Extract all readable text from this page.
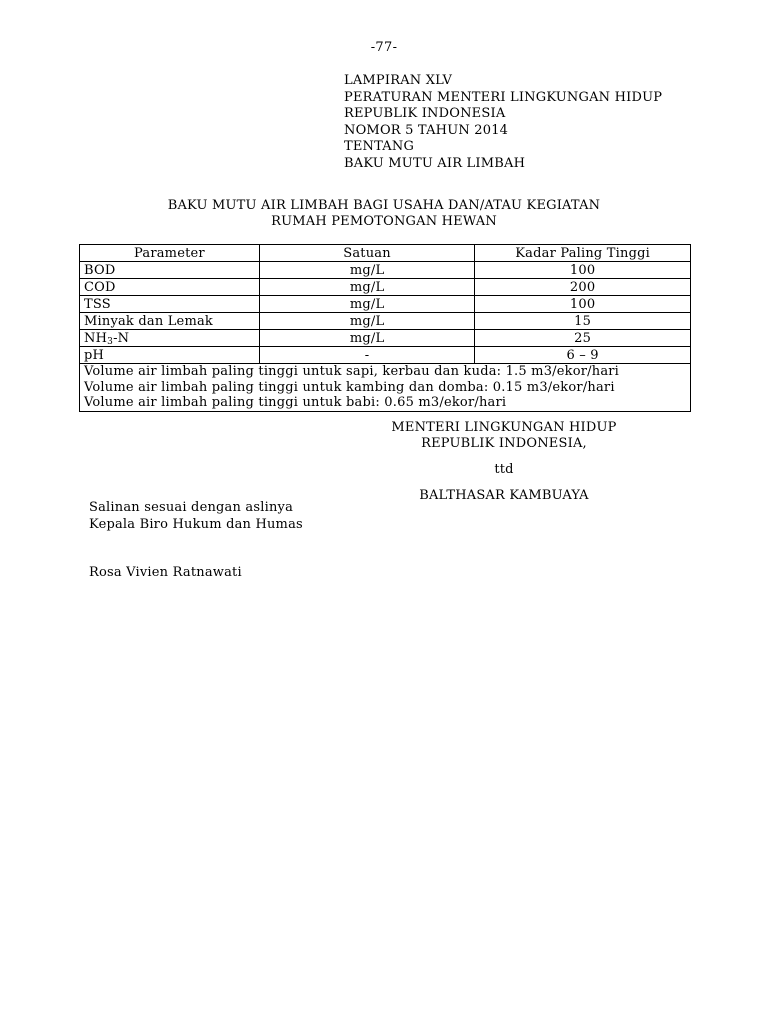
-77-
LAMPIRAN XLV
PERATURAN MENTERI LINGKUNGAN HIDUP
REPUBLIK INDONESIA
NOMOR 5 TAHUN 2014
TENTANG
BAKU MUTU AIR LIMBAH
BAKU MUTU AIR LIMBAH BAGI USAHA DAN/ATAU KEGIATAN
RUMAH PEMOTONGAN HEWAN
Parameter	Satuan	Kadar Paling Tinggi
BOD	mg/L	100
COD	mg/L	200
TSS	mg/L	100
Minyak dan Lemak	mg/L	15
$NH_3-N$	mg/L	25
pH	-	6 – 9

Volume air limbah paling tinggi untuk sapi, kerbau dan kuda: 1.5 m3/ekor/hari
Volume air limbah paling tinggi untuk kambing dan domba: 0.15 m3/ekor/hari
Volume air limbah paling tinggi untuk babi: 0.65 m3/ekor/hari		
MENTERI LINGKUNGAN HIDUP
REPUBLIK INDONESIA,
ttd
BALTHASAR KAMBUAYA
Salinan sesuai dengan aslinya
Kepala Biro Hukum dan Humas
Rosa Vivien Ratnawati
